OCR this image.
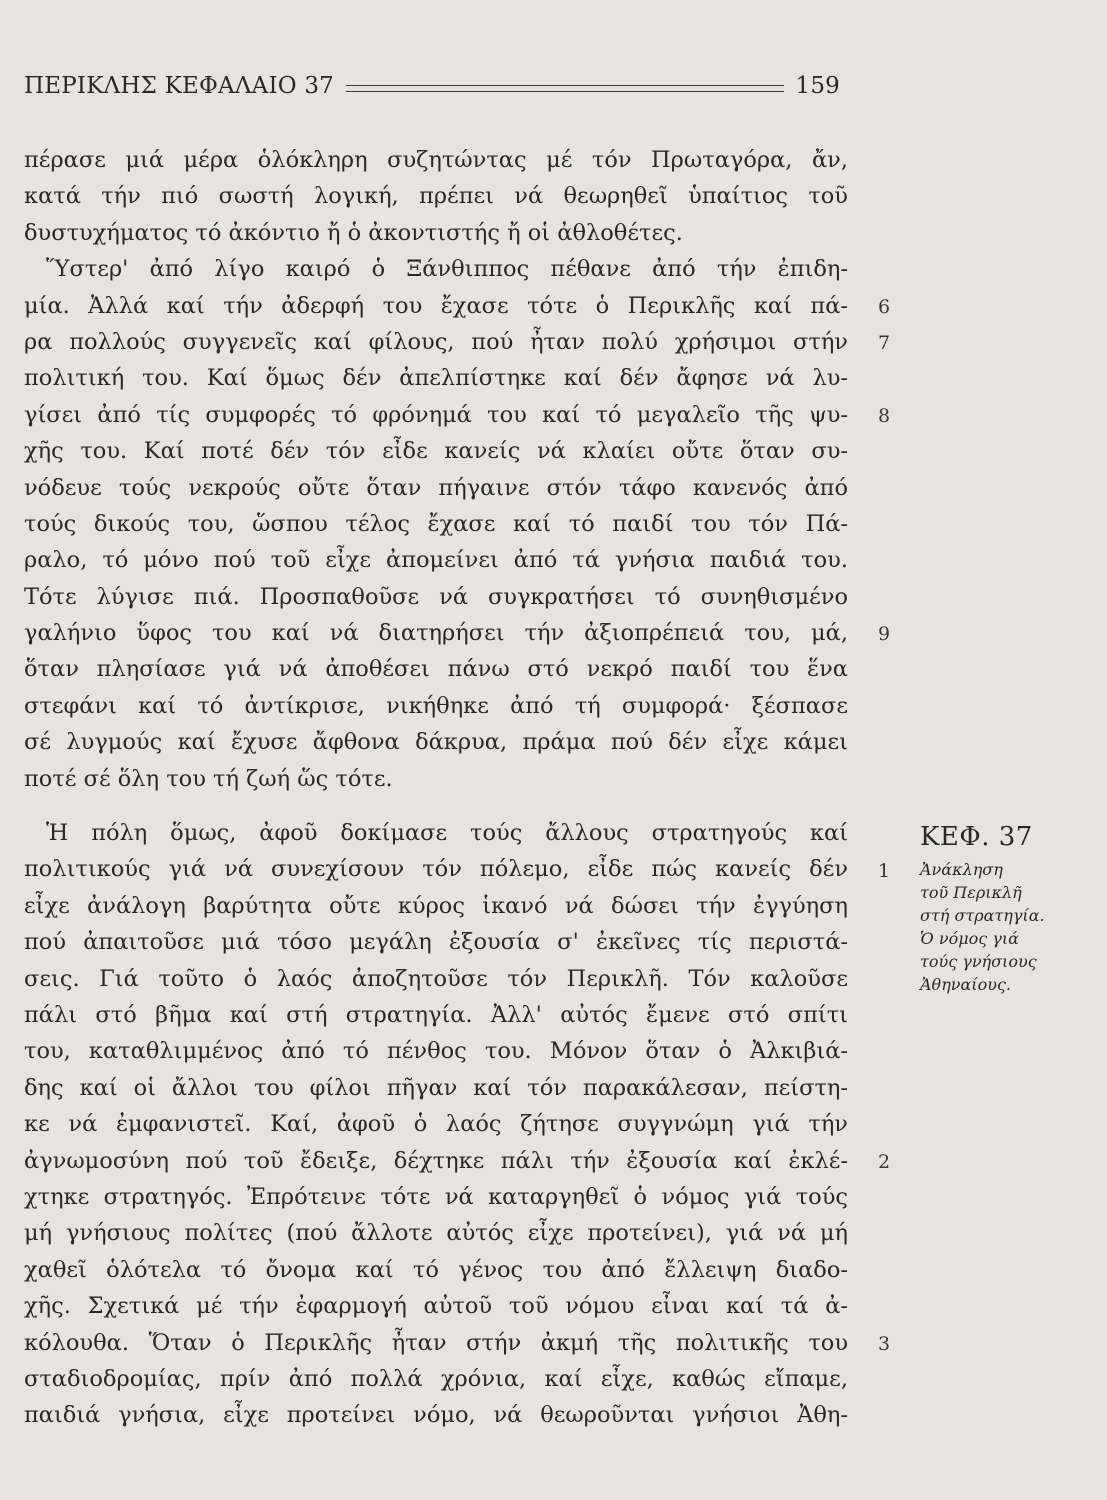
ΠΕΡΙΚΛΗΣ ΚΕΦΑΛΑΙΟ 37	159
πέρασε μιά μέρα ὁλόκληρη συζητώντας μέ τόν Πρωταγόρα, ἄν,
κατά τήν πιό σωστή λογική, πρέπει νά θεωρηθεῖ ὑπαίτιος τοῦ
δυστυχήματος τό ἀκόντιο ἤ ὁ ἀκοντιστής ἤ οἱ ἀθλοθέτες.
Ὕστερ' ἀπό λίγο καιρό ὁ Ξάνθιππος πέθανε ἀπό τήν ἐπιδη-
μία. Ἀλλά καί τήν ἀδερφή του ἔχασε τότε ὁ Περικλῆς καί πά-
ρα πολλούς συγγενεῖς καί φίλους, πού ἦταν πολύ χρήσιμοι στήν
πολιτική του. Καί ὅμως δέν ἀπελπίστηκε καί δέν ἄφησε νά λυ-
γίσει ἀπό τίς συμφορές τό φρόνημά του καί τό μεγαλεῖο τῆς ψυ-
χῆς του. Καί ποτέ δέν τόν εἶδε κανείς νά κλαίει οὔτε ὅταν συ-
νόδευε τούς νεκρούς οὔτε ὅταν πήγαινε στόν τάφο κανενός ἀπό
τούς δικούς του, ὥσπου τέλος ἔχασε καί τό παιδί του τόν Πά-
ραλο, τό μόνο πού τοῦ εἶχε ἀπομείνει ἀπό τά γνήσια παιδιά του.
Τότε λύγισε πιά. Προσπαθοῦσε νά συγκρατήσει τό συνηθισμένο
γαλήνιο ὕφος του καί νά διατηρήσει τήν ἀξιοπρέπειά του, μά,
ὅταν πλησίασε γιά νά ἀποθέσει πάνω στό νεκρό παιδί του ἕνα
στεφάνι καί τό ἀντίκρισε, νικήθηκε ἀπό τή συμφορά· ξέσπασε
σέ λυγμούς καί ἔχυσε ἄφθονα δάκρυα, πράμα πού δέν εἶχε κάμει
ποτέ σέ ὅλη του τή ζωή ὥς τότε.
Ἡ πόλη ὅμως, ἀφοῦ δοκίμασε τούς ἄλλους στρατηγούς καί
πολιτικούς γιά νά συνεχίσουν τόν πόλεμο, εἶδε πώς κανείς δέν
εἶχε ἀνάλογη βαρύτητα οὔτε κύρος ἱκανό νά δώσει τήν ἐγγύηση
πού ἀπαιτοῦσε μιά τόσο μεγάλη ἐξουσία σ' ἐκεῖνες τίς περιστά-
σεις. Γιά τοῦτο ὁ λαός ἀποζητοῦσε τόν Περικλῆ. Τόν καλοῦσε
πάλι στό βῆμα καί στή στρατηγία. Ἀλλ' αὐτός ἔμενε στό σπίτι
του, καταθλιμμένος ἀπό τό πένθος του. Μόνον ὅταν ὁ Ἀλκιβιά-
δης καί οἱ ἄλλοι του φίλοι πῆγαν καί τόν παρακάλεσαν, πείστη-
κε νά ἐμφανιστεῖ. Καί, ἀφοῦ ὁ λαός ζήτησε συγγνώμη γιά τήν
ἀγνωμοσύνη πού τοῦ ἔδειξε, δέχτηκε πάλι τήν ἐξουσία καί ἐκλέ-
χτηκε στρατηγός. Ἐπρότεινε τότε νά καταργηθεῖ ὁ νόμος γιά τούς
μή γνήσιους πολίτες (πού ἄλλοτε αὐτός εἶχε προτείνει), γιά νά μή
χαθεῖ ὁλότελα τό ὄνομα καί τό γένος του ἀπό ἔλλειψη διαδο-
χῆς. Σχετικά μέ τήν ἐφαρμογή αὐτοῦ τοῦ νόμου εἶναι καί τά ἀ-
κόλουθα. Ὅταν ὁ Περικλῆς ἦταν στήν ἀκμή τῆς πολιτικῆς του
σταδιοδρομίας, πρίν ἀπό πολλά χρόνια, καί εἶχε, καθώς εἴπαμε,
παιδιά γνήσια, εἶχε προτείνει νόμο, νά θεωροῦνται γνήσιοι Ἀθη-
6
7
8
9
1
2
3
ΚΕΦ. 37
Ἀνάκληση
τοῦ Περικλῆ
στή στρατηγία.
Ὁ νόμος γιά
τούς γνήσιους
Ἀθηναίους.
